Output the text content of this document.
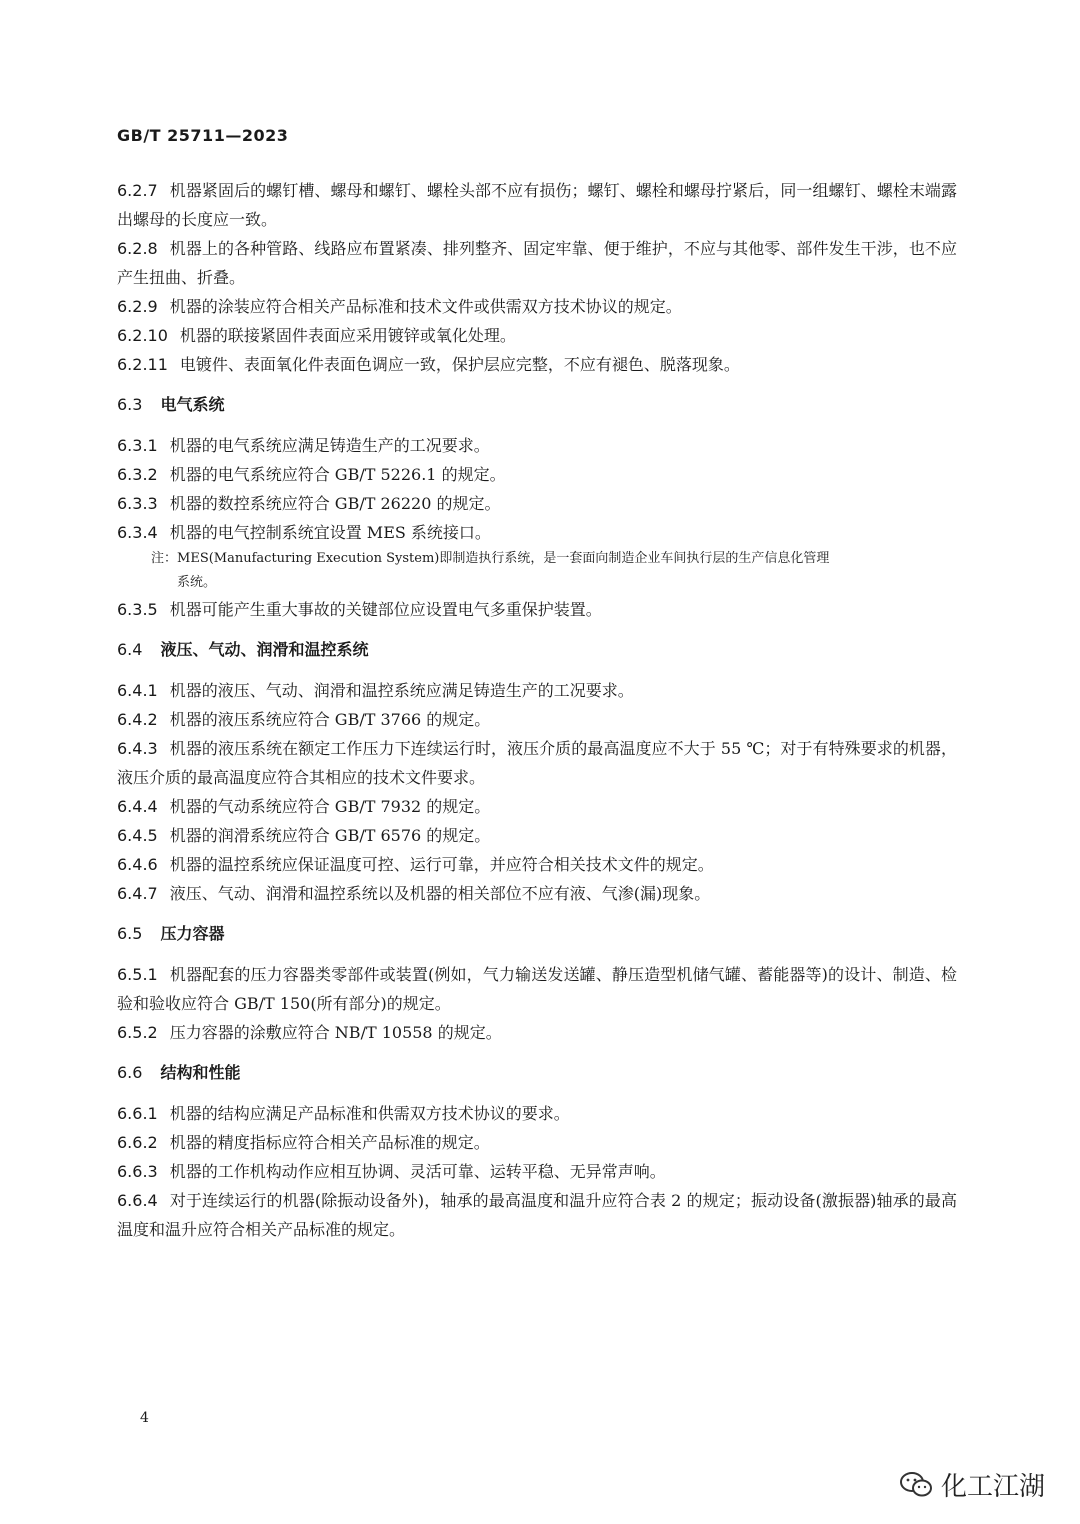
GB/T 25711—2023

6.2.7 机器紧固后的螺钉槽、螺母和螺钉、螺栓头部不应有损伤；螺钉、螺栓和螺母拧紧后，同一组螺钉、螺栓末端露出螺母的长度应一致。

6.2.8 机器上的各种管路、线路应布置紧凑、排列整齐、固定牢靠、便于维护，不应与其他零、部件发生干涉，也不应产生扭曲、折叠。

6.2.9 机器的涂装应符合相关产品标准和技术文件或供需双方技术协议的规定。

6.2.10 机器的联接紧固件表面应采用镀锌或氧化处理。

6.2.11 电镀件、表面氧化件表面色调应一致，保护层应完整，不应有褪色、脱落现象。

6.3 电气系统

6.3.1 机器的电气系统应满足铸造生产的工况要求。

6.3.2 机器的电气系统应符合 GB/T 5226.1 的规定。

6.3.3 机器的数控系统应符合 GB/T 26220 的规定。

6.3.4 机器的电气控制系统宜设置 MES 系统接口。

注：MES(Manufacturing Execution System)即制造执行系统，是一套面向制造企业车间执行层的生产信息化管理
系统。

6.3.5 机器可能产生重大事故的关键部位应设置电气多重保护装置。

6.4 液压、气动、润滑和温控系统

6.4.1 机器的液压、气动、润滑和温控系统应满足铸造生产的工况要求。

6.4.2 机器的液压系统应符合 GB/T 3766 的规定。

6.4.3 机器的液压系统在额定工作压力下连续运行时，液压介质的最高温度应不大于 55 ℃；对于有特殊要求的机器，液压介质的最高温度应符合其相应的技术文件要求。

6.4.4 机器的气动系统应符合 GB/T 7932 的规定。

6.4.5 机器的润滑系统应符合 GB/T 6576 的规定。

6.4.6 机器的温控系统应保证温度可控、运行可靠，并应符合相关技术文件的规定。

6.4.7 液压、气动、润滑和温控系统以及机器的相关部位不应有液、气渗(漏)现象。

6.5 压力容器

6.5.1 机器配套的压力容器类零部件或装置(例如，气力输送发送罐、静压造型机储气罐、蓄能器等)的设计、制造、检验和验收应符合 GB/T 150(所有部分)的规定。

6.5.2 压力容器的涂敷应符合 NB/T 10558 的规定。

6.6 结构和性能

6.6.1 机器的结构应满足产品标准和供需双方技术协议的要求。

6.6.2 机器的精度指标应符合相关产品标准的规定。

6.6.3 机器的工作机构动作应相互协调、灵活可靠、运转平稳、无异常声响。

6.6.4 对于连续运行的机器(除振动设备外)，轴承的最高温度和温升应符合表 2 的规定；振动设备(激振器)轴承的最高温度和温升应符合相关产品标准的规定。

4
化工江湖
